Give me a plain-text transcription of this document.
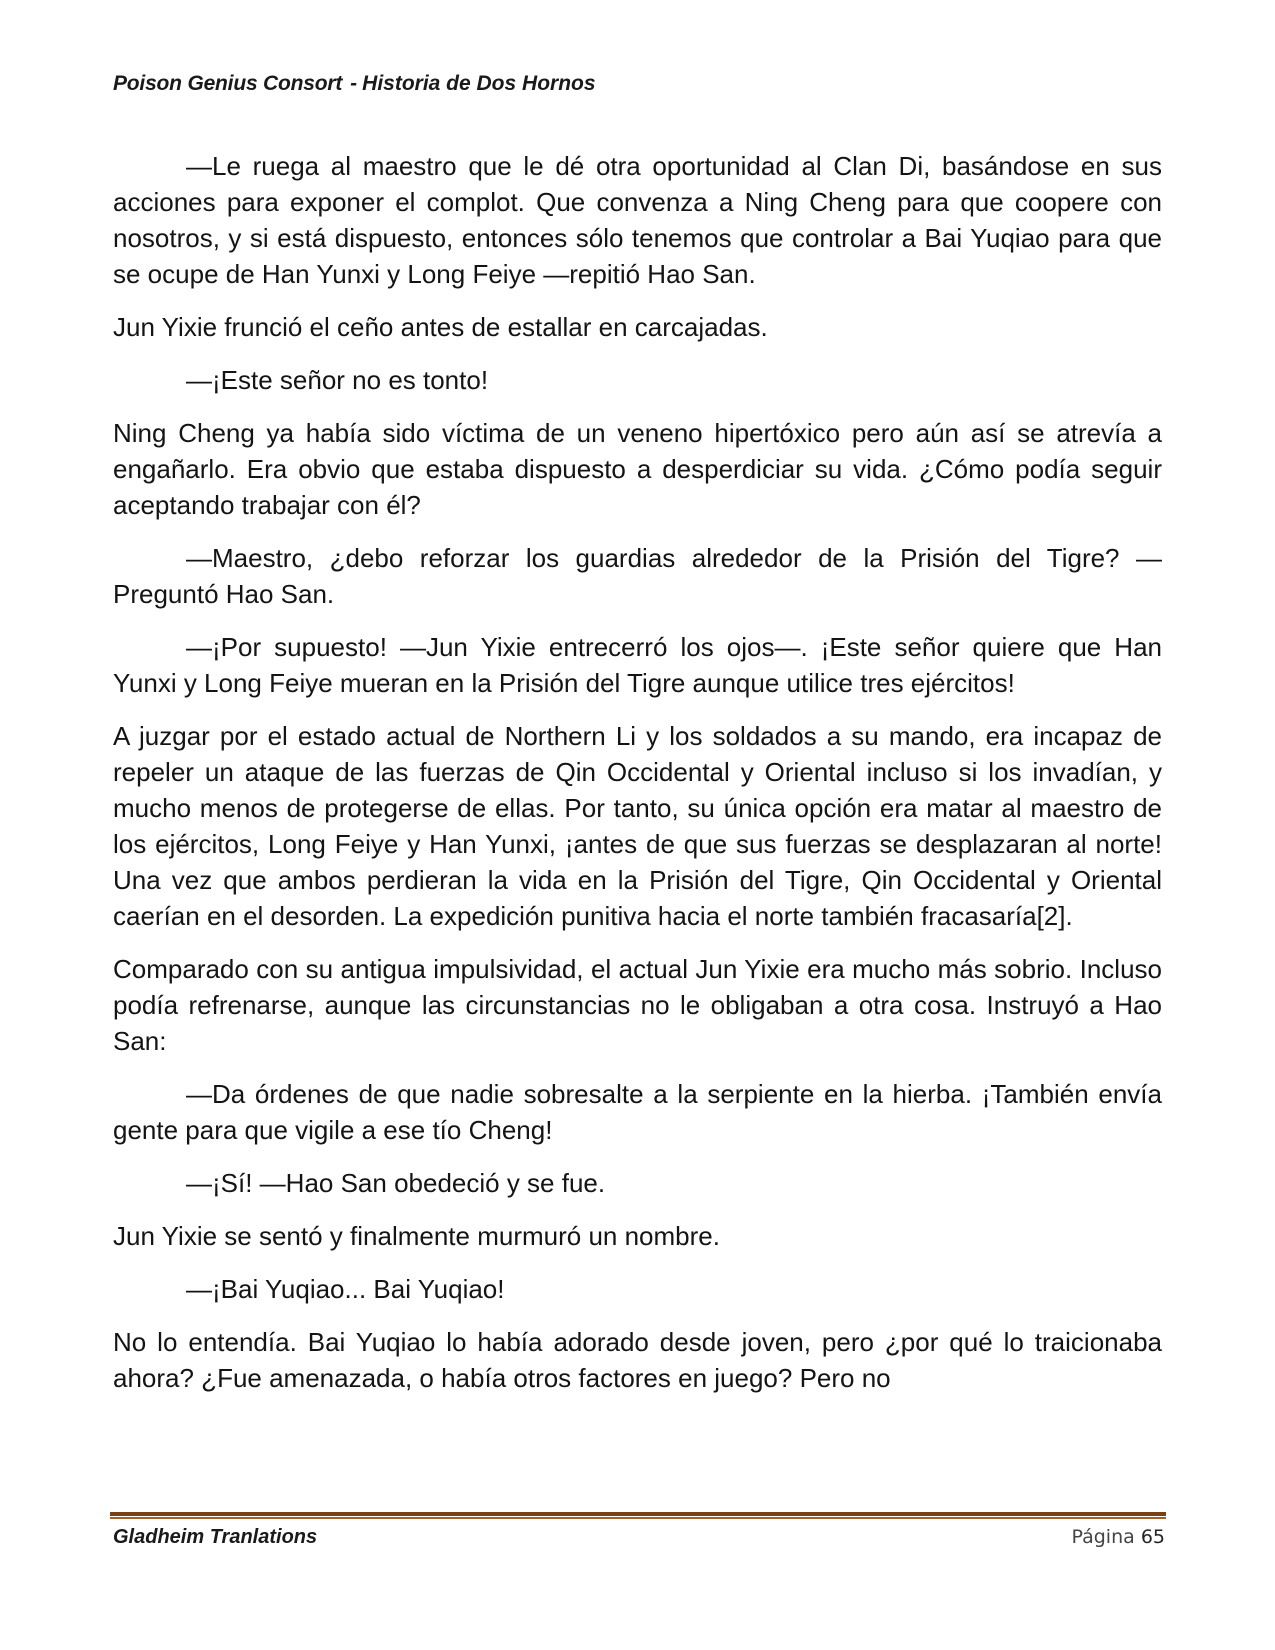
Poison Genius Consort - Historia de Dos Hornos

—Le ruega al maestro que le dé otra oportunidad al Clan Di, basándose en sus acciones para exponer el complot. Que convenza a Ning Cheng para que coopere con nosotros, y si está dispuesto, entonces sólo tenemos que controlar a Bai Yuqiao para que se ocupe de Han Yunxi y Long Feiye —repitió Hao San.

Jun Yixie frunció el ceño antes de estallar en carcajadas.

—¡Este señor no es tonto!

Ning Cheng ya había sido víctima de un veneno hipertóxico pero aún así se atrevía a engañarlo. Era obvio que estaba dispuesto a desperdiciar su vida. ¿Cómo podía seguir aceptando trabajar con él?

—Maestro, ¿debo reforzar los guardias alrededor de la Prisión del Tigre? —Preguntó Hao San.

—¡Por supuesto! —Jun Yixie entrecerró los ojos—. ¡Este señor quiere que Han Yunxi y Long Feiye mueran en la Prisión del Tigre aunque utilice tres ejércitos!

A juzgar por el estado actual de Northern Li y los soldados a su mando, era incapaz de repeler un ataque de las fuerzas de Qin Occidental y Oriental incluso si los invadían, y mucho menos de protegerse de ellas. Por tanto, su única opción era matar al maestro de los ejércitos, Long Feiye y Han Yunxi, ¡antes de que sus fuerzas se desplazaran al norte! Una vez que ambos perdieran la vida en la Prisión del Tigre, Qin Occidental y Oriental caerían en el desorden. La expedición punitiva hacia el norte también fracasaría[2].

Comparado con su antigua impulsividad, el actual Jun Yixie era mucho más sobrio. Incluso podía refrenarse, aunque las circunstancias no le obligaban a otra cosa. Instruyó a Hao San:

—Da órdenes de que nadie sobresalte a la serpiente en la hierba. ¡También envía gente para que vigile a ese tío Cheng!

—¡Sí! —Hao San obedeció y se fue.

Jun Yixie se sentó y finalmente murmuró un nombre.

—¡Bai Yuqiao... Bai Yuqiao!

No lo entendía. Bai Yuqiao lo había adorado desde joven, pero ¿por qué lo traicionaba ahora? ¿Fue amenazada, o había otros factores en juego? Pero no

Gladheim Tranlations	Página 65
